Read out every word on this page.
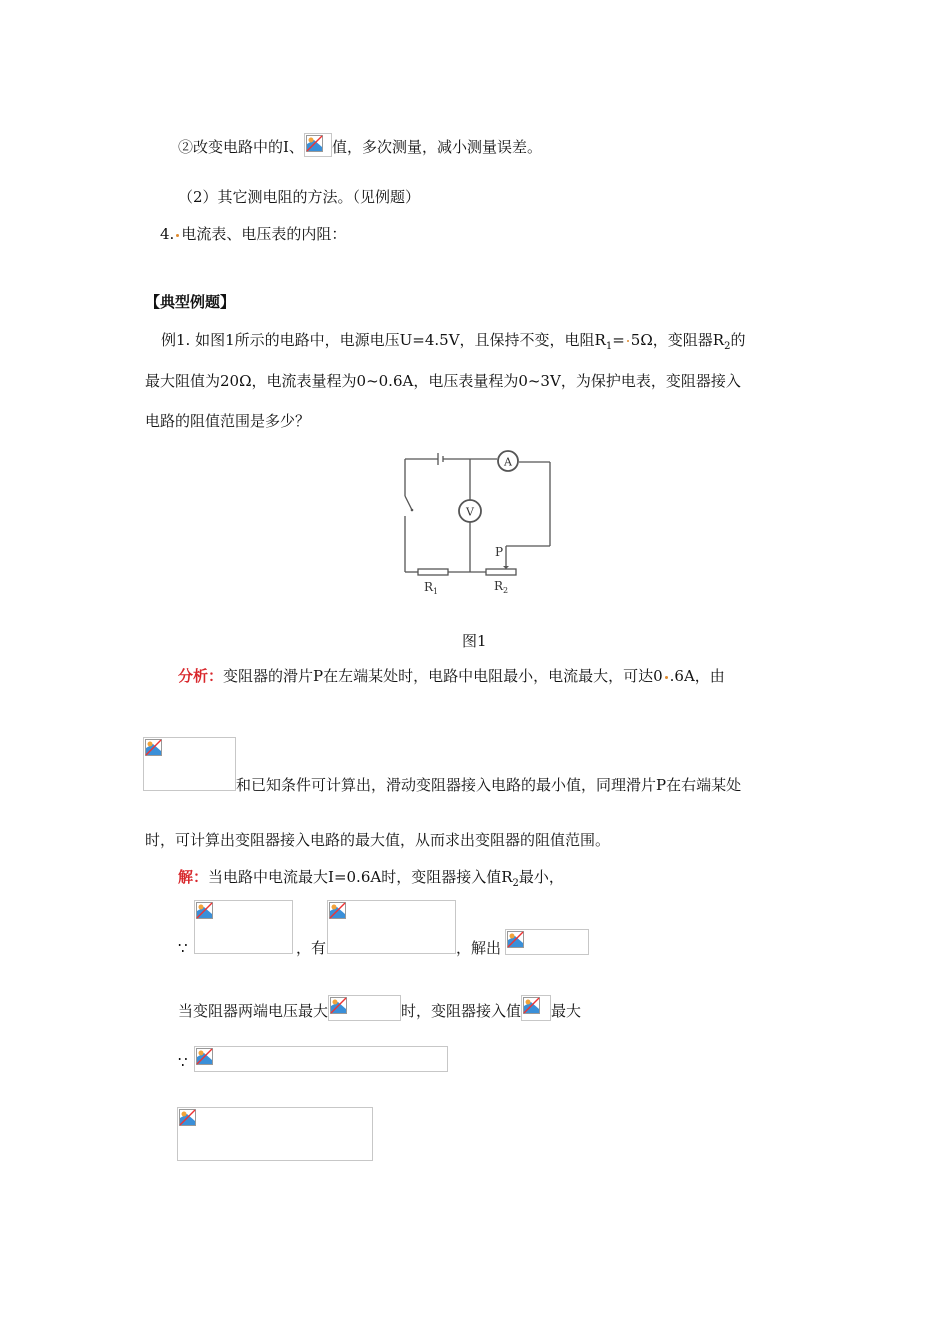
②改变电路中的I、 值，多次测量，减小测量误差。
（2）其它测电阻的方法。（见例题）
4. 电流表、电压表的内阻：
【典型例题】
例1. 如图1所示的电路中，电源电压U=4.5V，且保持不变，电阻$R_1= 5\Omega$，变阻器$R_2$的
最大阻值为20Ω，电流表量程为0~0.6A，电压表量程为0~3V，为保护电表，变阻器接入
电路的阻值范围是多少？
A
V
P
$R_1$	$R_2$
图1
分析：变阻器的滑片P在左端某处时，电路中电阻最小，电流最大，可达0 .6A，由
和已知条件可计算出，滑动变阻器接入电路的最小值，同理滑片P在右端某处
时，可计算出变阻器接入电路的最大值，从而求出变阻器的阻值范围。
解：当电路中电流最大I=0.6A时，变阻器接入值$R_2$最小，
∵	，有	，解出
当变阻器两端电压最大	时，变阻器接入值 最大
∵
